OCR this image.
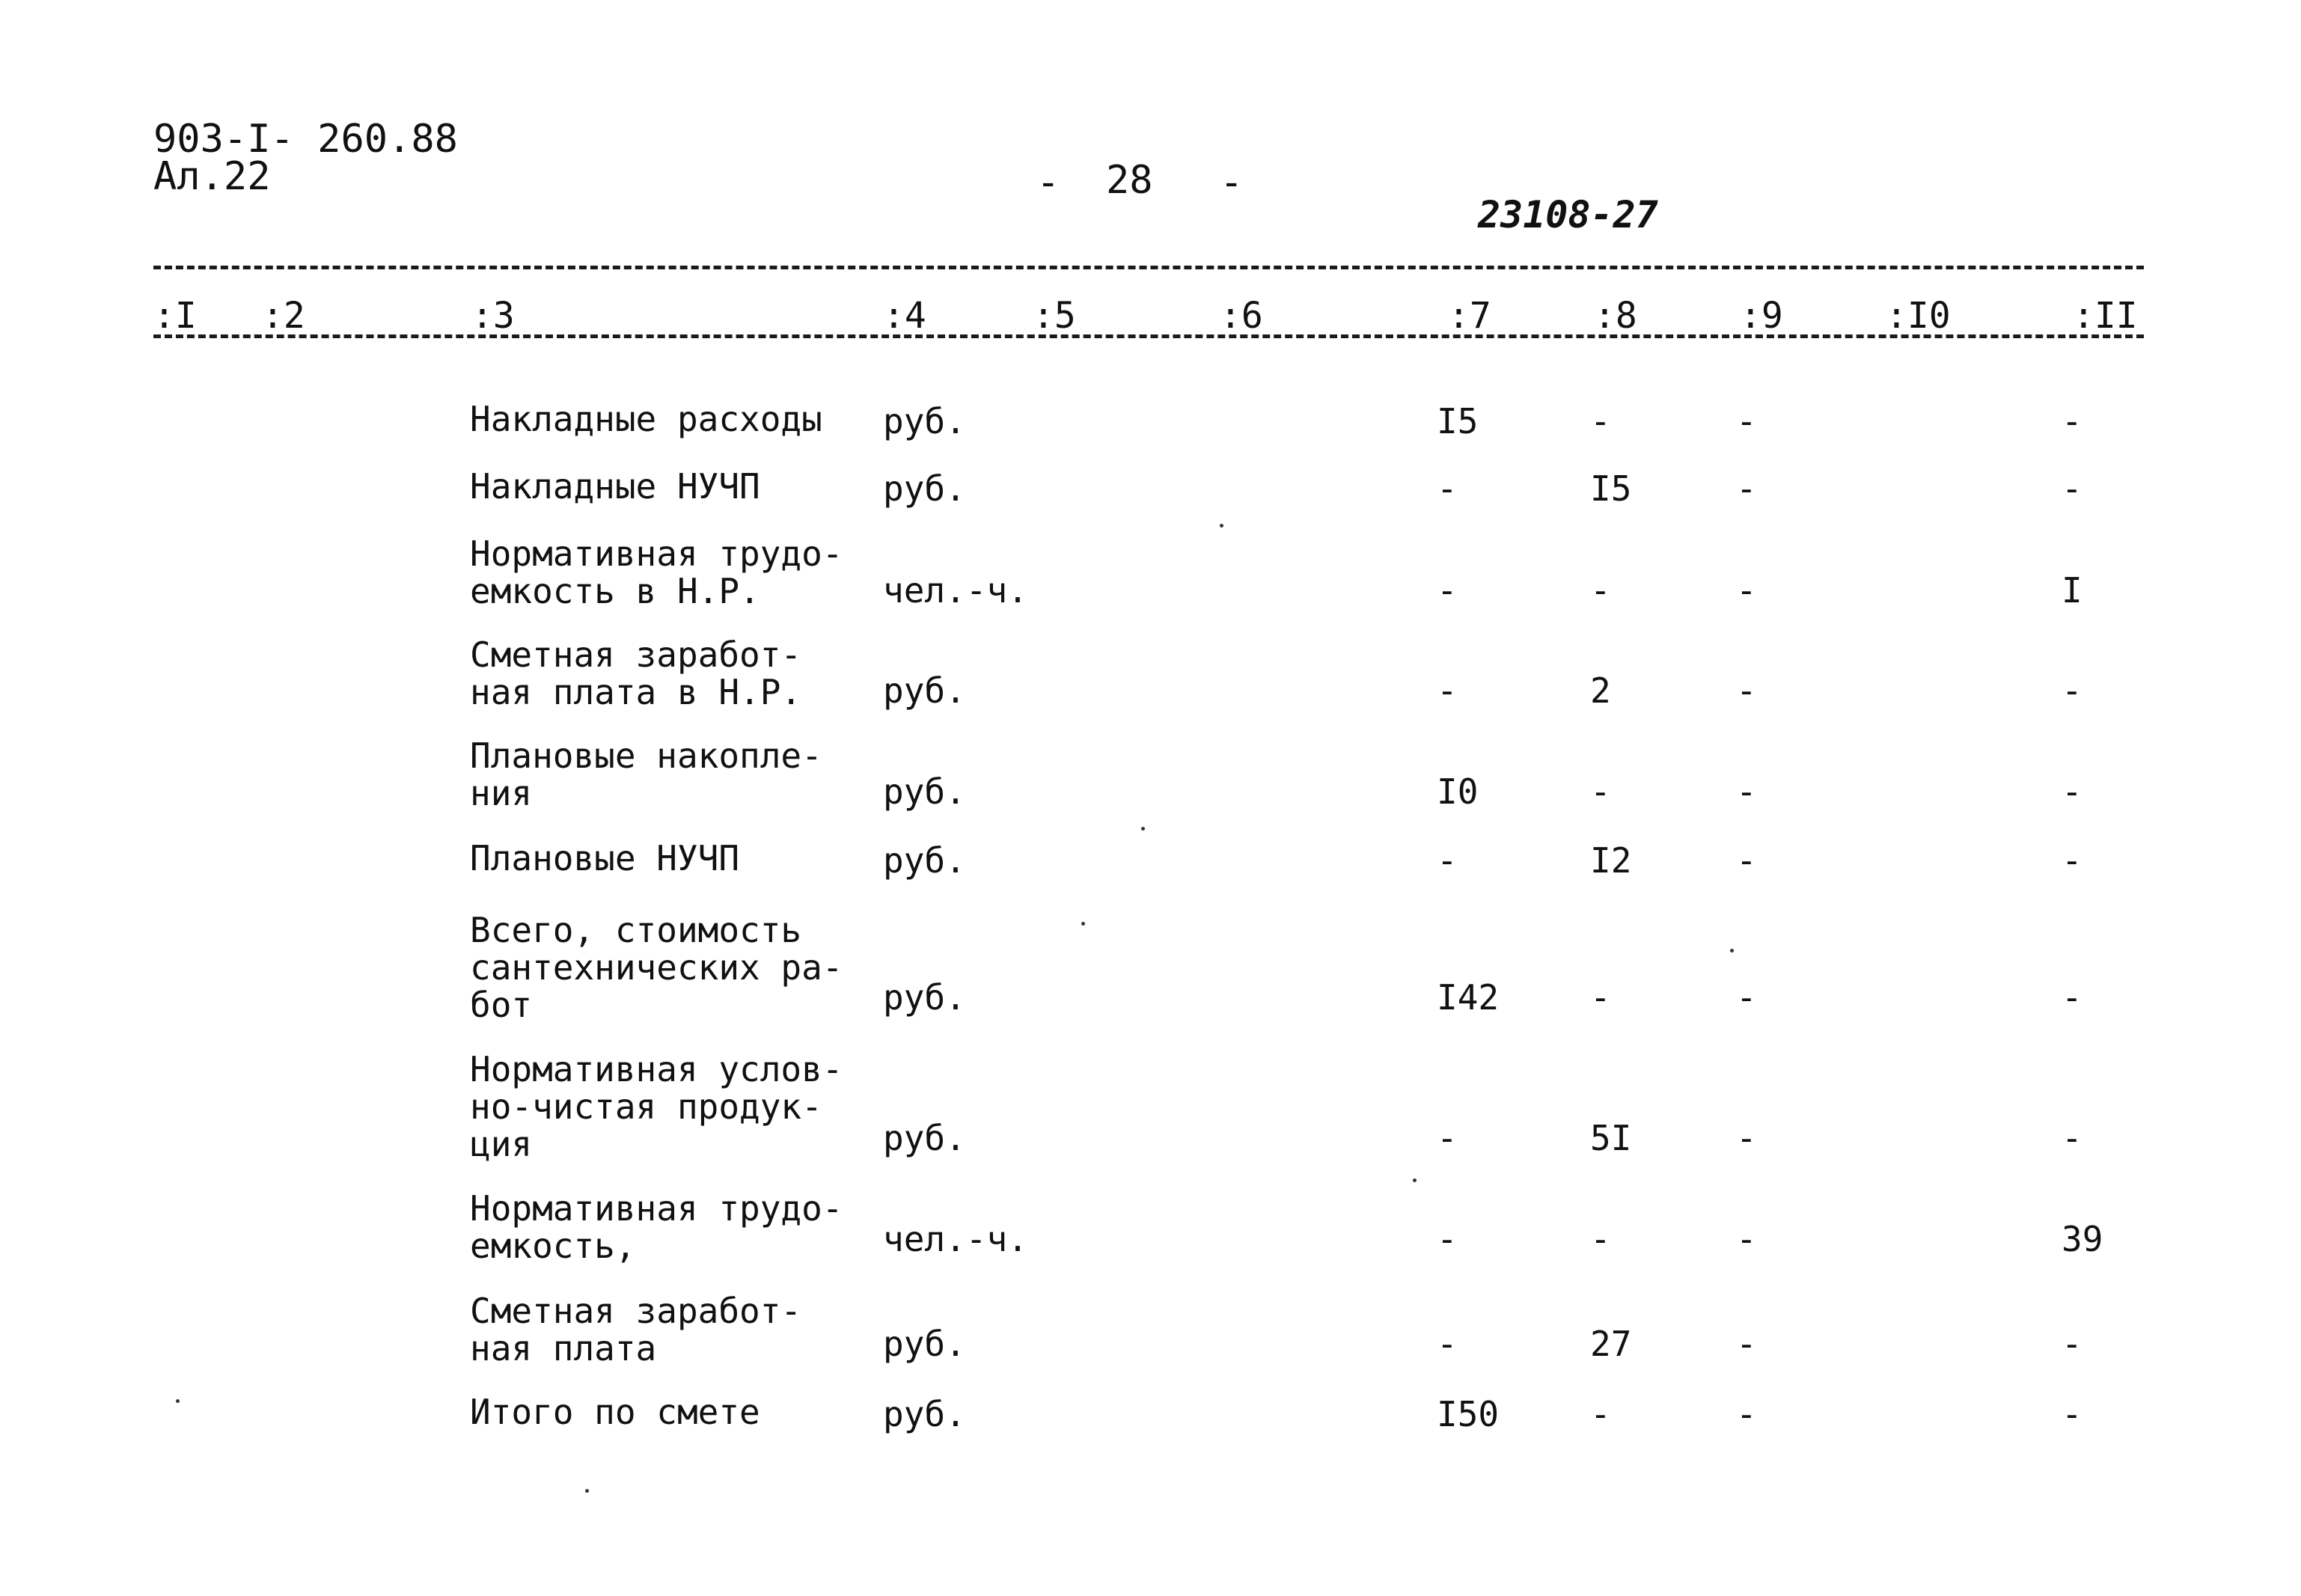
903-I- 260.88
Ал.22	- 28 -
23108-27
:I :2	:3	:4	:5	:6	:7	:8	:9	:I0	:II
Накладные расходы руб.	I5	-	-	-
Накладные НУЧП	руб.	-	I5	-	-
Нормативная трудо-
емкость в Н.Р.	чел.-ч.	-	-	-	I
Сметная заработ-
ная плата в Н.Р. руб.	-	2	-	-
Плановые накопле-
ния	руб.	I0	-	-	-
Плановые НУЧП	руб.	-	I2	-	-
Всего, стоимость
сантехнических ра-
бот	руб.	I42	-	-	-
Нормативная услов-
но-чистая продук-
ция	руб.	-	5I	-	-
Нормативная трудо-
емкость,	чел.-ч.	-	-	-	39
Сметная заработ-
ная плата	руб.	-	27	-	-
Итого по смете	руб.	I50	-	-	-
